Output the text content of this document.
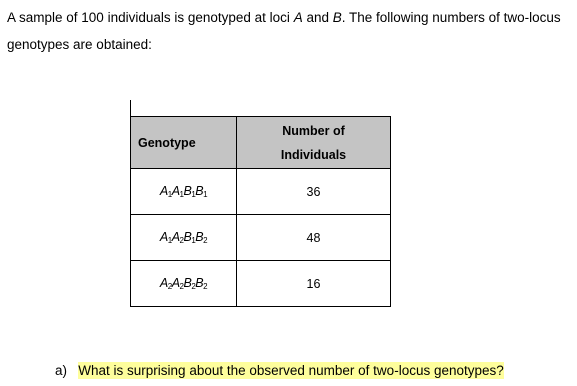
A sample of 100 individuals is genotyped at loci A and B. The following numbers of two-locus genotypes are obtained:

Genotype	Number of
Individuals
$A_1A_1B_1B_1$	36
$A_1A_2B_1B_2$	48
$A_2A_2B_2B_2$	16

a) What is surprising about the observed number of two-locus genotypes?
